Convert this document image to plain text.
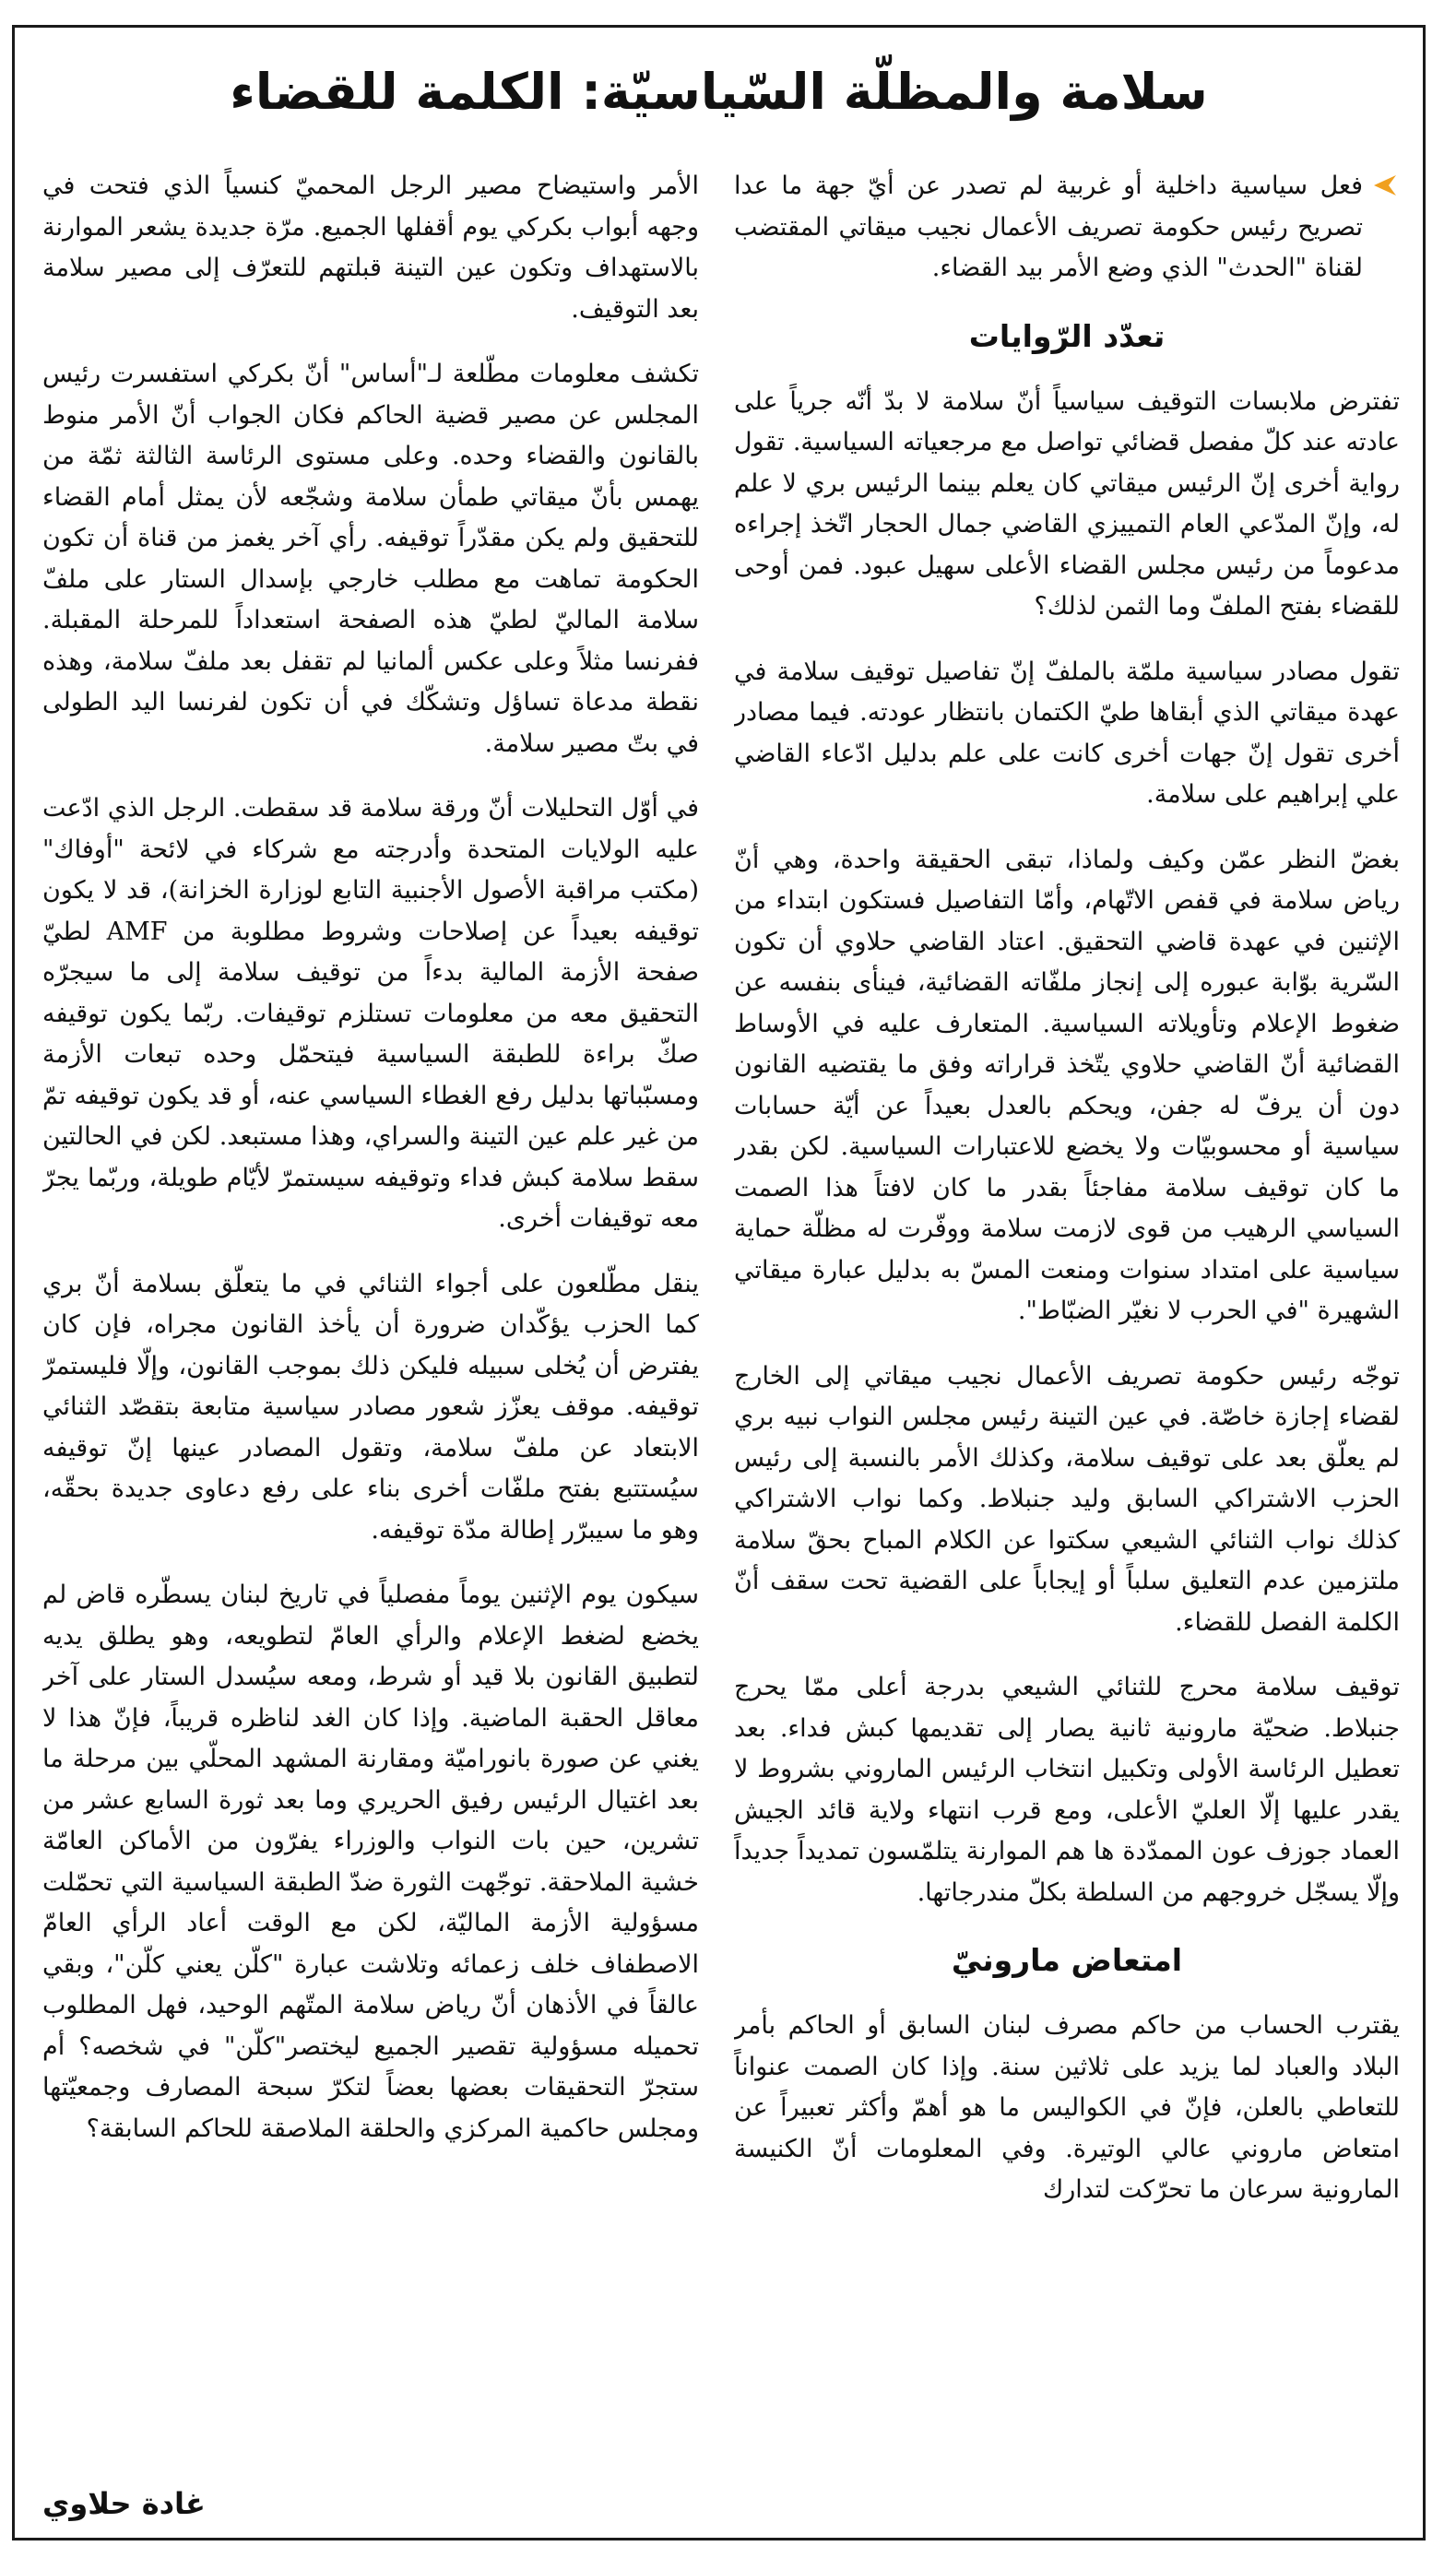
سلامة والمظلّة السّياسيّة: الكلمة للقضاء

فعل سياسية داخلية أو غربية لم تصدر عن أيّ جهة ما عدا تصريح رئيس حكومة تصريف الأعمال نجيب ميقاتي المقتضب لقناة "الحدث" الذي وضع الأمر بيد القضاء.

تعدّد الرّوايات

تفترض ملابسات التوقيف سياسياً أنّ سلامة لا بدّ أنّه جرياً على عادته عند كلّ مفصل قضائي تواصل مع مرجعياته السياسية. تقول رواية أخرى إنّ الرئيس ميقاتي كان يعلم بينما الرئيس بري لا علم له، وإنّ المدّعي العام التمييزي القاضي جمال الحجار اتّخذ إجراءه مدعوماً من رئيس مجلس القضاء الأعلى سهيل عبود. فمن أوحى للقضاء بفتح الملفّ وما الثمن لذلك؟

تقول مصادر سياسية ملمّة بالملفّ إنّ تفاصيل توقيف سلامة في عهدة ميقاتي الذي أبقاها طيّ الكتمان بانتظار عودته. فيما مصادر أخرى تقول إنّ جهات أخرى كانت على علم بدليل ادّعاء القاضي علي إبراهيم على سلامة.

بغضّ النظر عمّن وكيف ولماذا، تبقى الحقيقة واحدة، وهي أنّ رياض سلامة في قفص الاتّهام، وأمّا التفاصيل فستكون ابتداء من الإثنين في عهدة قاضي التحقيق. اعتاد القاضي حلاوي أن تكون السّرية بوّابة عبوره إلى إنجاز ملفّاته القضائية، فينأى بنفسه عن ضغوط الإعلام وتأويلاته السياسية. المتعارف عليه في الأوساط القضائية أنّ القاضي حلاوي يتّخذ قراراته وفق ما يقتضيه القانون دون أن يرفّ له جفن، ويحكم بالعدل بعيداً عن أيّة حسابات سياسية أو محسوبيّات ولا يخضع للاعتبارات السياسية. لكن بقدر ما كان توقيف سلامة مفاجئاً بقدر ما كان لافتاً هذا الصمت السياسي الرهيب من قوى لازمت سلامة ووفّرت له مظلّة حماية سياسية على امتداد سنوات ومنعت المسّ به بدليل عبارة ميقاتي الشهيرة "في الحرب لا نغيّر الضبّاط".

توجّه رئيس حكومة تصريف الأعمال نجيب ميقاتي إلى الخارج لقضاء إجازة خاصّة. في عين التينة رئيس مجلس النواب نبيه بري لم يعلّق بعد على توقيف سلامة، وكذلك الأمر بالنسبة إلى رئيس الحزب الاشتراكي السابق وليد جنبلاط. وكما نواب الاشتراكي كذلك نواب الثنائي الشيعي سكتوا عن الكلام المباح بحقّ سلامة ملتزمين عدم التعليق سلباً أو إيجاباً على القضية تحت سقف أنّ الكلمة الفصل للقضاء.

توقيف سلامة محرج للثنائي الشيعي بدرجة أعلى ممّا يحرج جنبلاط. ضحيّة مارونية ثانية يصار إلى تقديمها كبش فداء. بعد تعطيل الرئاسة الأولى وتكبيل انتخاب الرئيس الماروني بشروط لا يقدر عليها إلّا العليّ الأعلى، ومع قرب انتهاء ولاية قائد الجيش العماد جوزف عون الممدّدة ها هم الموارنة يتلمّسون تمديداً جديداً وإلّا يسجّل خروجهم من السلطة بكلّ مندرجاتها.

امتعاض مارونيّ

يقترب الحساب من حاكم مصرف لبنان السابق أو الحاكم بأمر البلاد والعباد لما يزيد على ثلاثين سنة. وإذا كان الصمت عنواناً للتعاطي بالعلن، فإنّ في الكواليس ما هو أهمّ وأكثر تعبيراً عن امتعاض ماروني عالي الوتيرة. وفي المعلومات أنّ الكنيسة المارونية سرعان ما تحرّكت لتدارك

الأمر واستيضاح مصير الرجل المحميّ كنسياً الذي فتحت في وجهه أبواب بكركي يوم أقفلها الجميع. مرّة جديدة يشعر الموارنة بالاستهداف وتكون عين التينة قبلتهم للتعرّف إلى مصير سلامة بعد التوقيف.

تكشف معلومات مطّلعة لـ"أساس" أنّ بكركي استفسرت رئيس المجلس عن مصير قضية الحاكم فكان الجواب أنّ الأمر منوط بالقانون والقضاء وحده. وعلى مستوى الرئاسة الثالثة ثمّة من يهمس بأنّ ميقاتي طمأن سلامة وشجّعه لأن يمثل أمام القضاء للتحقيق ولم يكن مقدّراً توقيفه. رأي آخر يغمز من قناة أن تكون الحكومة تماهت مع مطلب خارجي بإسدال الستار على ملفّ سلامة الماليّ لطيّ هذه الصفحة استعداداً للمرحلة المقبلة. ففرنسا مثلاً وعلى عكس ألمانيا لم تقفل بعد ملفّ سلامة، وهذه نقطة مدعاة تساؤل وتشكّك في أن تكون لفرنسا اليد الطولى في بتّ مصير سلامة.

في أوّل التحليلات أنّ ورقة سلامة قد سقطت. الرجل الذي ادّعت عليه الولايات المتحدة وأدرجته مع شركاء في لائحة "أوفاك" (مكتب مراقبة الأصول الأجنبية التابع لوزارة الخزانة)، قد لا يكون توقيفه بعيداً عن إصلاحات وشروط مطلوبة من AMF لطيّ صفحة الأزمة المالية بدءاً من توقيف سلامة إلى ما سيجرّه التحقيق معه من معلومات تستلزم توقيفات. ربّما يكون توقيفه صكّ براءة للطبقة السياسية فيتحمّل وحده تبعات الأزمة ومسبّباتها بدليل رفع الغطاء السياسي عنه، أو قد يكون توقيفه تمّ من غير علم عين التينة والسراي، وهذا مستبعد. لكن في الحالتين سقط سلامة كبش فداء وتوقيفه سيستمرّ لأيّام طويلة، وربّما يجرّ معه توقيفات أخرى.

ينقل مطّلعون على أجواء الثنائي في ما يتعلّق بسلامة أنّ بري كما الحزب يؤكّدان ضرورة أن يأخذ القانون مجراه، فإن كان يفترض أن يُخلى سبيله فليكن ذلك بموجب القانون، وإلّا فليستمرّ توقيفه. موقف يعزّز شعور مصادر سياسية متابعة بتقصّد الثنائي الابتعاد عن ملفّ سلامة، وتقول المصادر عينها إنّ توقيفه سيُستتبع بفتح ملفّات أخرى بناء على رفع دعاوى جديدة بحقّه، وهو ما سيبرّر إطالة مدّة توقيفه.

سيكون يوم الإثنين يوماً مفصلياً في تاريخ لبنان يسطّره قاض لم يخضع لضغط الإعلام والرأي العامّ لتطويعه، وهو يطلق يديه لتطبيق القانون بلا قيد أو شرط، ومعه سيُسدل الستار على آخر معاقل الحقبة الماضية. وإذا كان الغد لناظره قريباً، فإنّ هذا لا يغني عن صورة بانوراميّة ومقارنة المشهد المحلّي بين مرحلة ما بعد اغتيال الرئيس رفيق الحريري وما بعد ثورة السابع عشر من تشرين، حين بات النواب والوزراء يفرّون من الأماكن العامّة خشية الملاحقة. توجّهت الثورة ضدّ الطبقة السياسية التي تحمّلت مسؤولية الأزمة الماليّة، لكن مع الوقت أعاد الرأي العامّ الاصطفاف خلف زعمائه وتلاشت عبارة "كلّن يعني كلّن"، وبقي عالقاً في الأذهان أنّ رياض سلامة المتّهم الوحيد، فهل المطلوب تحميله مسؤولية تقصير الجميع ليختصر"كلّن" في شخصه؟ أم ستجرّ التحقيقات بعضها بعضاً لتكرّ سبحة المصارف وجمعيّتها ومجلس حاكمية المركزي والحلقة الملاصقة للحاكم السابقة؟

غادة حلاوي
